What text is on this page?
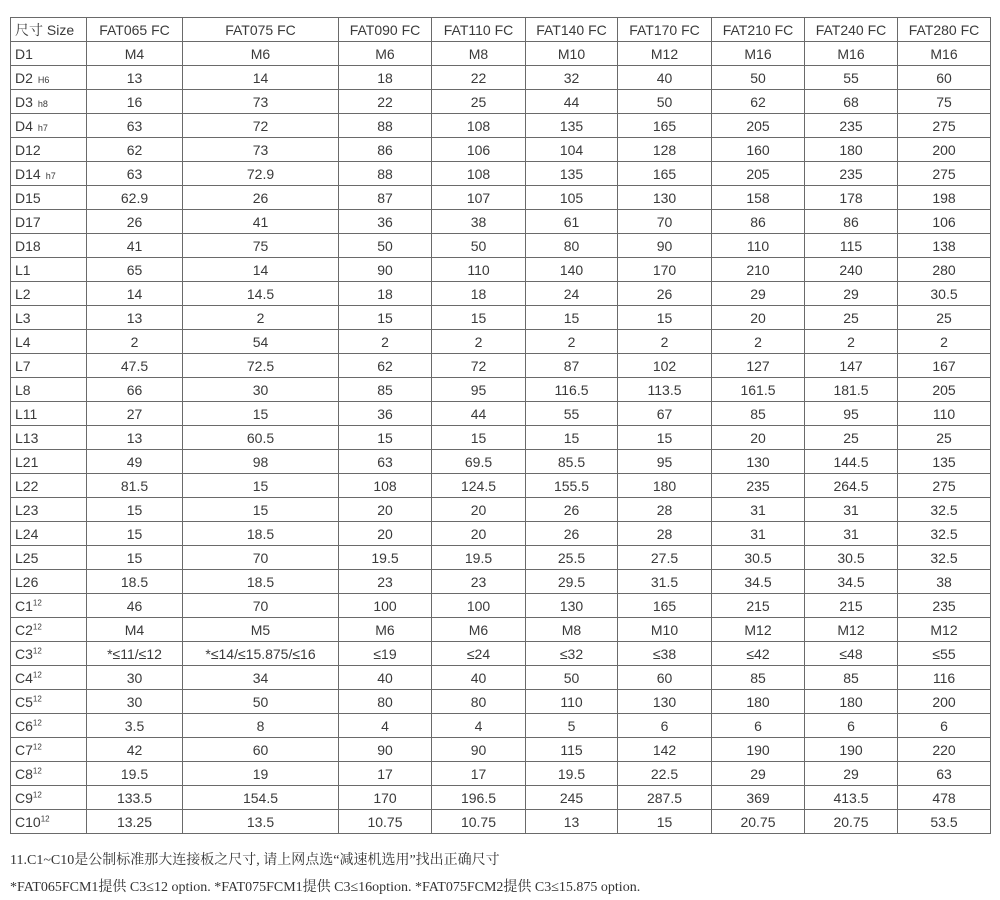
尺寸 Size	FAT065 FC	FAT075 FC	FAT090 FC	FAT110 FC	FAT140 FC	FAT170 FC	FAT210 FC	FAT240 FC	FAT280 FC
D1	M4	M6	M6	M8	M10	M12	M16	M16	M16
D2 H6	13	14	18	22	32	40	50	55	60
D3 h8	16	73	22	25	44	50	62	68	75
D4 h7	63	72	88	108	135	165	205	235	275
D12	62	73	86	106	104	128	160	180	200
D14 h7	63	72.9	88	108	135	165	205	235	275
D15	62.9	26	87	107	105	130	158	178	198
D17	26	41	36	38	61	70	86	86	106
D18	41	75	50	50	80	90	110	115	138
L1	65	14	90	110	140	170	210	240	280
L2	14	14.5	18	18	24	26	29	29	30.5
L3	13	2	15	15	15	15	20	25	25
L4	2	54	2	2	2	2	2	2	2
L7	47.5	72.5	62	72	87	102	127	147	167
L8	66	30	85	95	116.5	113.5	161.5	181.5	205
L11	27	15	36	44	55	67	85	95	110
L13	13	60.5	15	15	15	15	20	25	25
L21	49	98	63	69.5	85.5	95	130	144.5	135
L22	81.5	15	108	124.5	155.5	180	235	264.5	275
L23	15	15	20	20	26	28	31	31	32.5
L24	15	18.5	20	20	26	28	31	31	32.5
L25	15	70	19.5	19.5	25.5	27.5	30.5	30.5	32.5
L26	18.5	18.5	23	23	29.5	31.5	34.5	34.5	38
$C1^{12}$	46	70	100	100	130	165	215	215	235
$C2^{12}$	M4	M5	M6	M6	M8	M10	M12	M12	M12
$C3^{12}$	*≤11/≤12	*≤14/≤15.875/≤16	≤19	≤24	≤32	≤38	≤42	≤48	≤55
$C4^{12}$	30	34	40	40	50	60	85	85	116
$C5^{12}$	30	50	80	80	110	130	180	180	200
$C6^{12}$	3.5	8	4	4	5	6	6	6	6
$C7^{12}$	42	60	90	90	115	142	190	190	220
$C8^{12}$	19.5	19	17	17	19.5	22.5	29	29	63
$C9^{12}$	133.5	154.5	170	196.5	245	287.5	369	413.5	478
$C10^{12}$	13.25	13.5	10.75	10.75	13	15	20.75	20.75	53.5
11.C1~C10是公制标准那大连接板之尺寸, 请上网点选“减速机选用”找出正确尺寸
*FAT065FCM1提供 C3≤12 option. *FAT075FCM1提供 C3≤16option. *FAT075FCM2提供 C3≤15.875 option.
